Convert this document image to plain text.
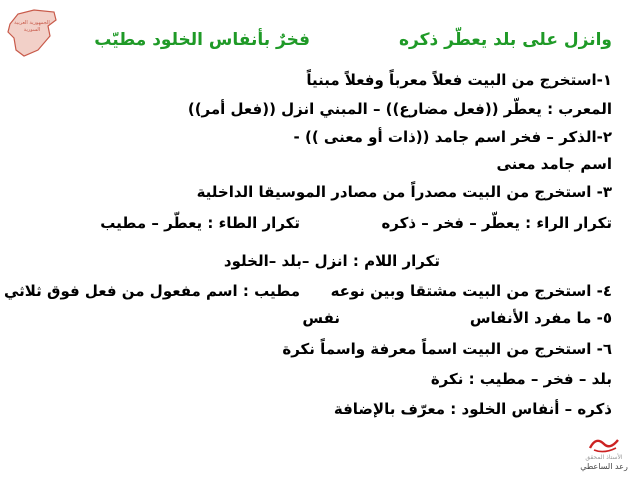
الجمهورية العربية
السورية	وانزل على بلد يعطّر ذكره
فخرٌ بأنفاس الخلود مطيّب
١-استخرج من البيت فعلاً معرباً وفعلاً مبنياً
المعرب : يعطّر ((فعل مضارع)) – المبني انزل ((فعل أمر))
٢-الذكر – فخر اسم جامد ((ذات أو معنى )) -
اسم جامد معنى
٣- استخرج من البيت مصدراً من مصادر الموسيقا الداخلية
تكرار الراء : يعطّر – فخر – ذكره
تكرار الطاء : يعطّر – مطيب
تكرار اللام : انزل –بلد –الخلود
٤- استخرج من البيت مشتقا وبين نوعه
مطيب : اسم مفعول من فعل فوق ثلاثي
٥- ما مفرد الأنفاس
نفس
٦- استخرج من البيت اسماً معرفة واسماً نكرة
بلد – فخر – مطيب : نكرة
ذكره – أنفاس الخلود : معرّف بالإضافة
الأستاذ المحقق
رعد الساعطي
